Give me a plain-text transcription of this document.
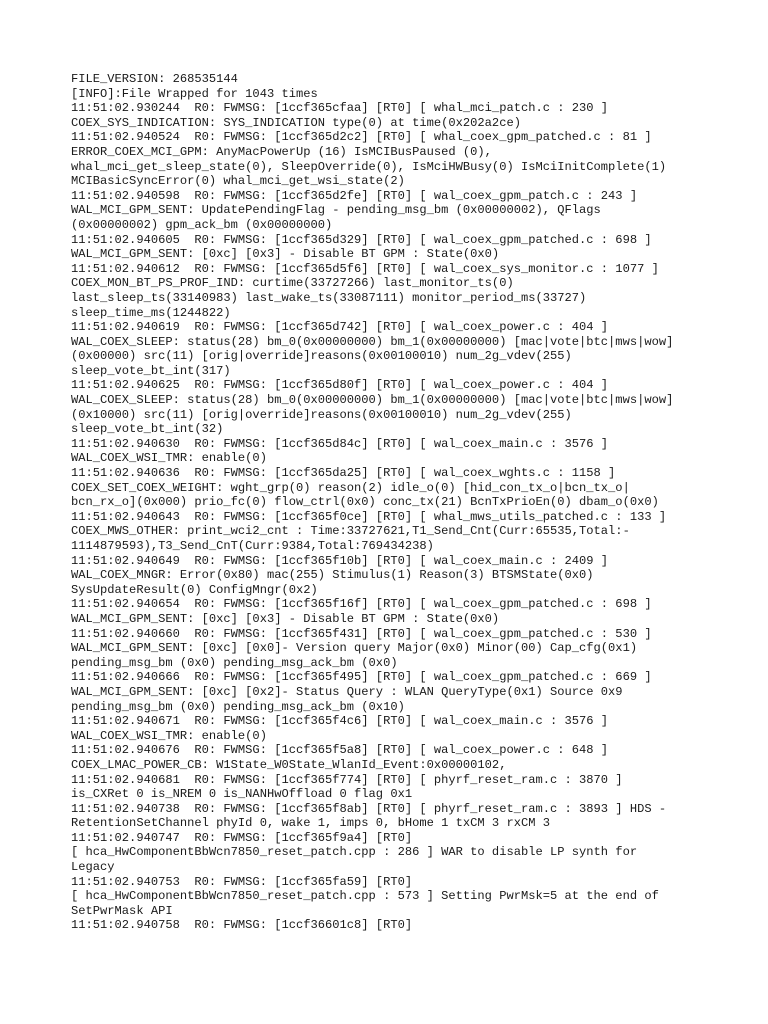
FILE_VERSION: 268535144
[INFO]:File Wrapped for 1043 times
11:51:02.930244  R0: FWMSG: [1ccf365cfaa] [RT0] [ whal_mci_patch.c : 230 ]
COEX_SYS_INDICATION: SYS_INDICATION type(0) at time(0x202a2ce)
11:51:02.940524  R0: FWMSG: [1ccf365d2c2] [RT0] [ whal_coex_gpm_patched.c : 81 ]
ERROR_COEX_MCI_GPM: AnyMacPowerUp (16) IsMCIBusPaused (0),
whal_mci_get_sleep_state(0), SleepOverride(0), IsMciHWBusy(0) IsMciInitComplete(1)
MCIBasicSyncError(0) whal_mci_get_wsi_state(2)
11:51:02.940598  R0: FWMSG: [1ccf365d2fe] [RT0] [ wal_coex_gpm_patch.c : 243 ]
WAL_MCI_GPM_SENT: UpdatePendingFlag - pending_msg_bm (0x00000002), QFlags
(0x00000002) gpm_ack_bm (0x00000000)
11:51:02.940605  R0: FWMSG: [1ccf365d329] [RT0] [ wal_coex_gpm_patched.c : 698 ]
WAL_MCI_GPM_SENT: [0xc] [0x3] - Disable BT GPM : State(0x0)
11:51:02.940612  R0: FWMSG: [1ccf365d5f6] [RT0] [ wal_coex_sys_monitor.c : 1077 ]
COEX_MON_BT_PS_PROF_IND: curtime(33727266) last_monitor_ts(0)
last_sleep_ts(33140983) last_wake_ts(33087111) monitor_period_ms(33727)
sleep_time_ms(1244822)
11:51:02.940619  R0: FWMSG: [1ccf365d742] [RT0] [ wal_coex_power.c : 404 ]
WAL_COEX_SLEEP: status(28) bm_0(0x00000000) bm_1(0x00000000) [mac|vote|btc|mws|wow]
(0x00000) src(11) [orig|override]reasons(0x00100010) num_2g_vdev(255)
sleep_vote_bt_int(317)
11:51:02.940625  R0: FWMSG: [1ccf365d80f] [RT0] [ wal_coex_power.c : 404 ]
WAL_COEX_SLEEP: status(28) bm_0(0x00000000) bm_1(0x00000000) [mac|vote|btc|mws|wow]
(0x10000) src(11) [orig|override]reasons(0x00100010) num_2g_vdev(255)
sleep_vote_bt_int(32)
11:51:02.940630  R0: FWMSG: [1ccf365d84c] [RT0] [ wal_coex_main.c : 3576 ]
WAL_COEX_WSI_TMR: enable(0)
11:51:02.940636  R0: FWMSG: [1ccf365da25] [RT0] [ wal_coex_wghts.c : 1158 ]
COEX_SET_COEX_WEIGHT: wght_grp(0) reason(2) idle_o(0) [hid_con_tx_o|bcn_tx_o|
bcn_rx_o](0x000) prio_fc(0) flow_ctrl(0x0) conc_tx(21) BcnTxPrioEn(0) dbam_o(0x0)
11:51:02.940643  R0: FWMSG: [1ccf365f0ce] [RT0] [ whal_mws_utils_patched.c : 133 ]
COEX_MWS_OTHER: print_wci2_cnt : Time:33727621,T1_Send_Cnt(Curr:65535,Total:-
1114879593),T3_Send_CnT(Curr:9384,Total:769434238)
11:51:02.940649  R0: FWMSG: [1ccf365f10b] [RT0] [ wal_coex_main.c : 2409 ]
WAL_COEX_MNGR: Error(0x80) mac(255) Stimulus(1) Reason(3) BTSMState(0x0)
SysUpdateResult(0) ConfigMngr(0x2)
11:51:02.940654  R0: FWMSG: [1ccf365f16f] [RT0] [ wal_coex_gpm_patched.c : 698 ]
WAL_MCI_GPM_SENT: [0xc] [0x3] - Disable BT GPM : State(0x0)
11:51:02.940660  R0: FWMSG: [1ccf365f431] [RT0] [ wal_coex_gpm_patched.c : 530 ]
WAL_MCI_GPM_SENT: [0xc] [0x0]- Version query Major(0x0) Minor(00) Cap_cfg(0x1)
pending_msg_bm (0x0) pending_msg_ack_bm (0x0)
11:51:02.940666  R0: FWMSG: [1ccf365f495] [RT0] [ wal_coex_gpm_patched.c : 669 ]
WAL_MCI_GPM_SENT: [0xc] [0x2]- Status Query : WLAN QueryType(0x1) Source 0x9
pending_msg_bm (0x0) pending_msg_ack_bm (0x10)
11:51:02.940671  R0: FWMSG: [1ccf365f4c6] [RT0] [ wal_coex_main.c : 3576 ]
WAL_COEX_WSI_TMR: enable(0)
11:51:02.940676  R0: FWMSG: [1ccf365f5a8] [RT0] [ wal_coex_power.c : 648 ]
COEX_LMAC_POWER_CB: W1State_W0State_WlanId_Event:0x00000102,
11:51:02.940681  R0: FWMSG: [1ccf365f774] [RT0] [ phyrf_reset_ram.c : 3870 ]
is_CXRet 0 is_NREM 0 is_NANHwOffload 0 flag 0x1
11:51:02.940738  R0: FWMSG: [1ccf365f8ab] [RT0] [ phyrf_reset_ram.c : 3893 ] HDS -
RetentionSetChannel phyId 0, wake 1, imps 0, bHome 1 txCM 3 rxCM 3
11:51:02.940747  R0: FWMSG: [1ccf365f9a4] [RT0]
[ hca_HwComponentBbWcn7850_reset_patch.cpp : 286 ] WAR to disable LP synth for
Legacy
11:51:02.940753  R0: FWMSG: [1ccf365fa59] [RT0]
[ hca_HwComponentBbWcn7850_reset_patch.cpp : 573 ] Setting PwrMsk=5 at the end of
SetPwrMask API
11:51:02.940758  R0: FWMSG: [1ccf36601c8] [RT0]
